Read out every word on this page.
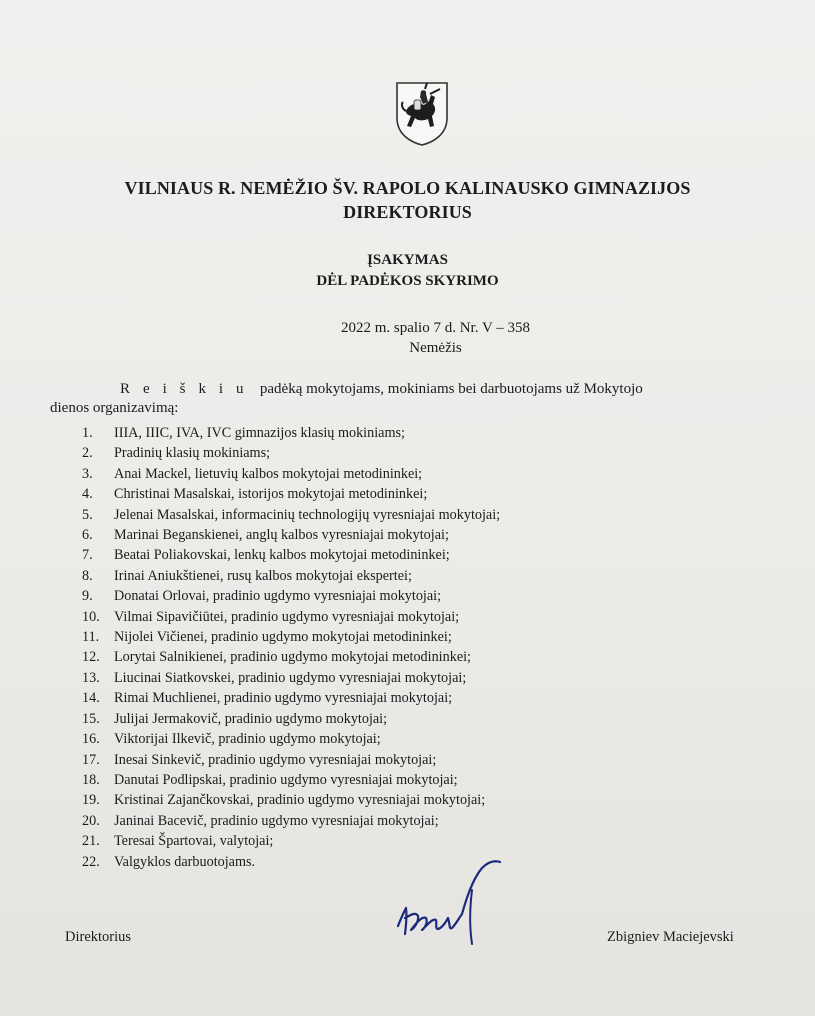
VILNIAUS R. NEMĖŽIO ŠV. RAPOLO KALINAUSKO GIMNAZIJOS
DIREKTORIUS
ĮSAKYMAS
DĖL PADĖKOS SKYRIMO
2022 m. spalio 7 d. Nr. V – 358
Nemėžis
R e i š k i u padėką mokytojams, mokiniams bei darbuotojams už Mokytojo
dienos organizavimą:
1. IIIA, IIIC, IVA, IVC gimnazijos klasių mokiniams;
2. Pradinių klasių mokiniams;
3. Anai Mackel, lietuvių kalbos mokytojai metodininkei;
4. Christinai Masalskai, istorijos mokytojai metodininkei;
5. Jelenai Masalskai, informacinių technologijų vyresniajai mokytojai;
6. Marinai Beganskienei, anglų kalbos vyresniajai mokytojai;
7. Beatai Poliakovskai, lenkų kalbos mokytojai metodininkei;
8. Irinai Aniukštienei, rusų kalbos mokytojai ekspertei;
9. Donatai Orlovai, pradinio ugdymo vyresniajai mokytojai;
10. Vilmai Sipavičiūtei, pradinio ugdymo vyresniajai mokytojai;
11. Nijolei Vičienei, pradinio ugdymo mokytojai metodininkei;
12. Lorytai Salnikienei, pradinio ugdymo mokytojai metodininkei;
13. Liucinai Siatkovskei, pradinio ugdymo vyresniajai mokytojai;
14. Rimai Muchlienei, pradinio ugdymo vyresniajai mokytojai;
15. Julijai Jermakovič, pradinio ugdymo mokytojai;
16. Viktorijai Ilkevič, pradinio ugdymo mokytojai;
17. Inesai Sinkevič, pradinio ugdymo vyresniajai mokytojai;
18. Danutai Podlipskai, pradinio ugdymo vyresniajai mokytojai;
19. Kristinai Zajančkovskai, pradinio ugdymo vyresniajai mokytojai;
20. Janinai Bacevič, pradinio ugdymo vyresniajai mokytojai;
21. Teresai Špartovai, valytojai;
22. Valgyklos darbuotojams.
Direktorius	Zbigniev Maciejevski
